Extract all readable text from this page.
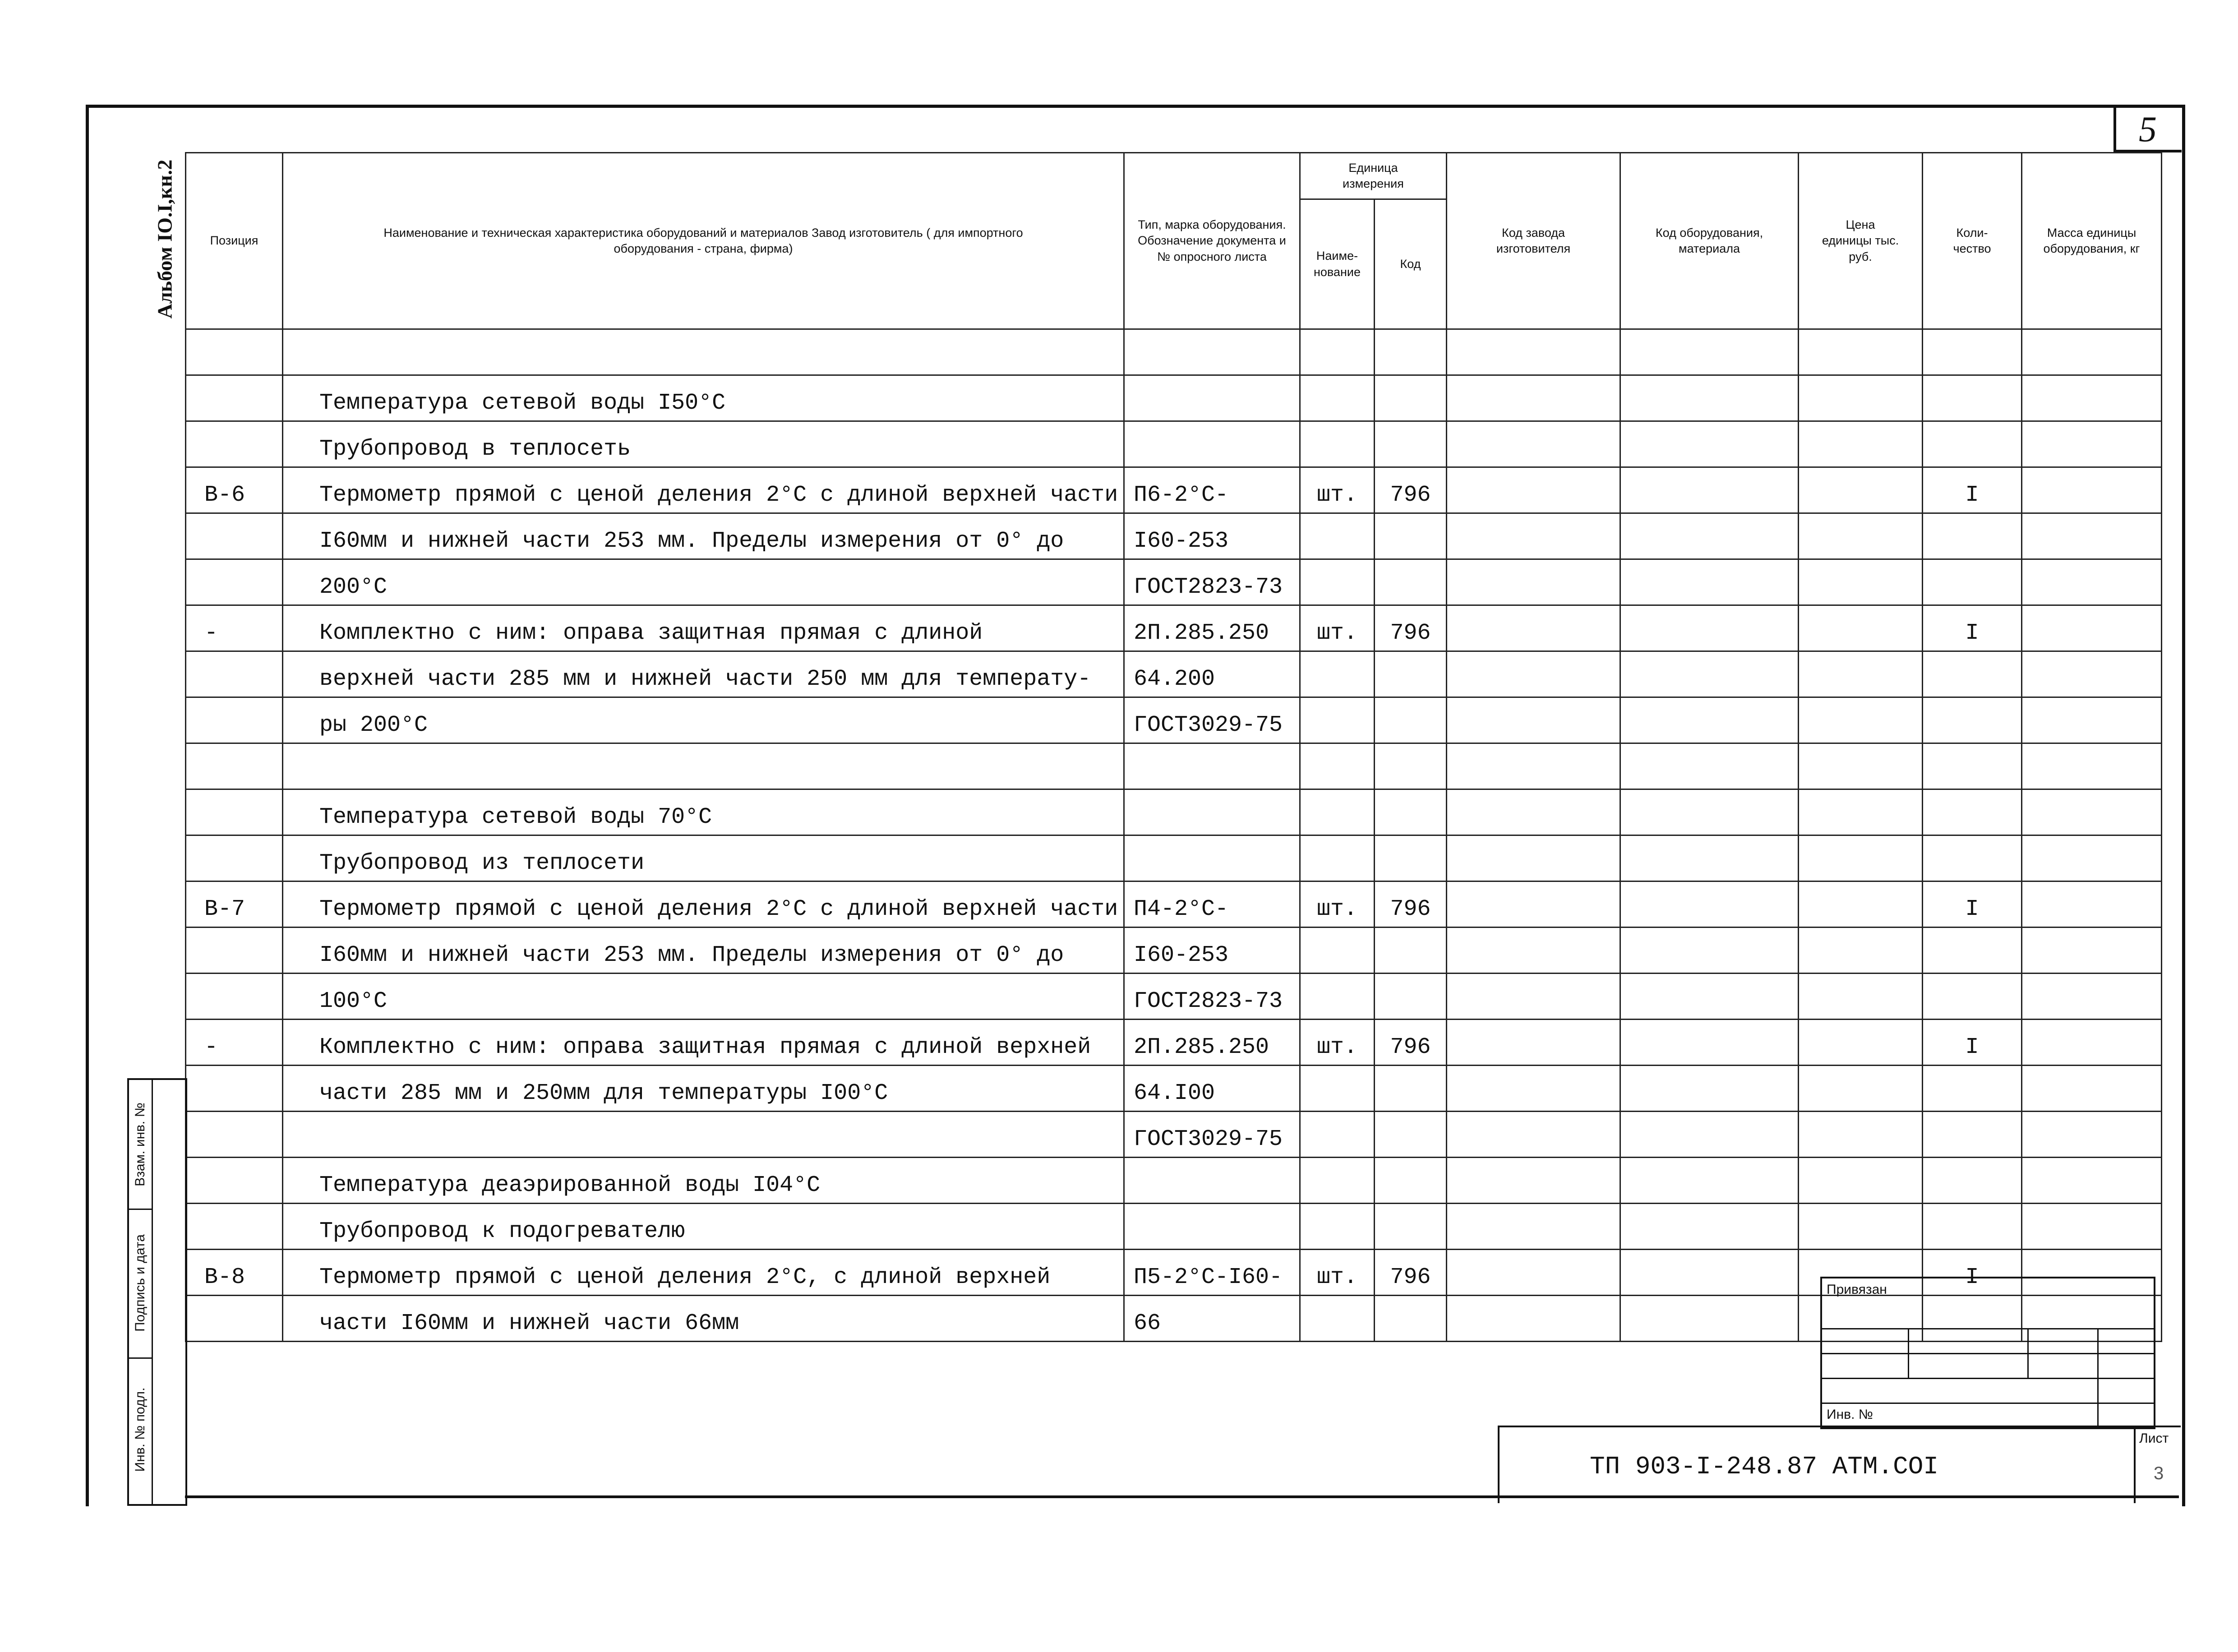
5
Альбом IO.I,кн.2	Позиция	Наименование и техническая характеристика оборудований и материалов Завод изготовитель ( для импортного оборудования - страна, фирма)	Тип, марка оборудования. Обозначение документа и № опросного листа	Единица измерения		Код завода изготовителя	Код оборудования, материала	Цена единицы тыс. руб.	Коли- чество	Масса единицы оборудования, кг
			Наиме- нование	Код					

	Температура сетевой воды I50°С								
	Трубопровод в теплосеть								
В-6	Термометр прямой с ценой деления 2°С с длиной верхней части	П6-2°С-	шт.	796				I	
	I60мм и нижней части 253 мм. Пределы измерения от 0° до	I60-253							
	200°С	ГОСТ2823-73							
-	Комплектно с ним: оправа защитная прямая с длиной	2П.285.250	шт.	796				I	
	верхней части 285 мм и нижней части 250 мм для температу-	64.200							
	ры 200°С	ГОСТ3029-75							

	Температура сетевой воды 70°С								
	Трубопровод из теплосети								
В-7	Термометр прямой с ценой деления 2°С с длиной верхней части	П4-2°С-	шт.	796				I	
	I60мм и нижней части 253 мм. Пределы измерения от 0° до	I60-253							
	100°С	ГОСТ2823-73							
-	Комплектно с ним: оправа защитная прямая с длиной верхней	2П.285.250	шт.	796				I	
	части 285 мм и 250мм для температуры I00°С	64.I00							
		ГОСТ3029-75							
	Температура деаэрированной воды I04°С								
	Трубопровод к подогревателю								
В-8	Термометр прямой с ценой деления 2°С, с длиной верхней	П5-2°С-I60-	шт.	796				I	
	части I60мм и нижней части 66мм	66							
Взам. инв. №
Подпись и дата
Инв. № подл.
Привязан
Инв. №
ТП 903-I-248.87 АТМ.COI
Лист
3
